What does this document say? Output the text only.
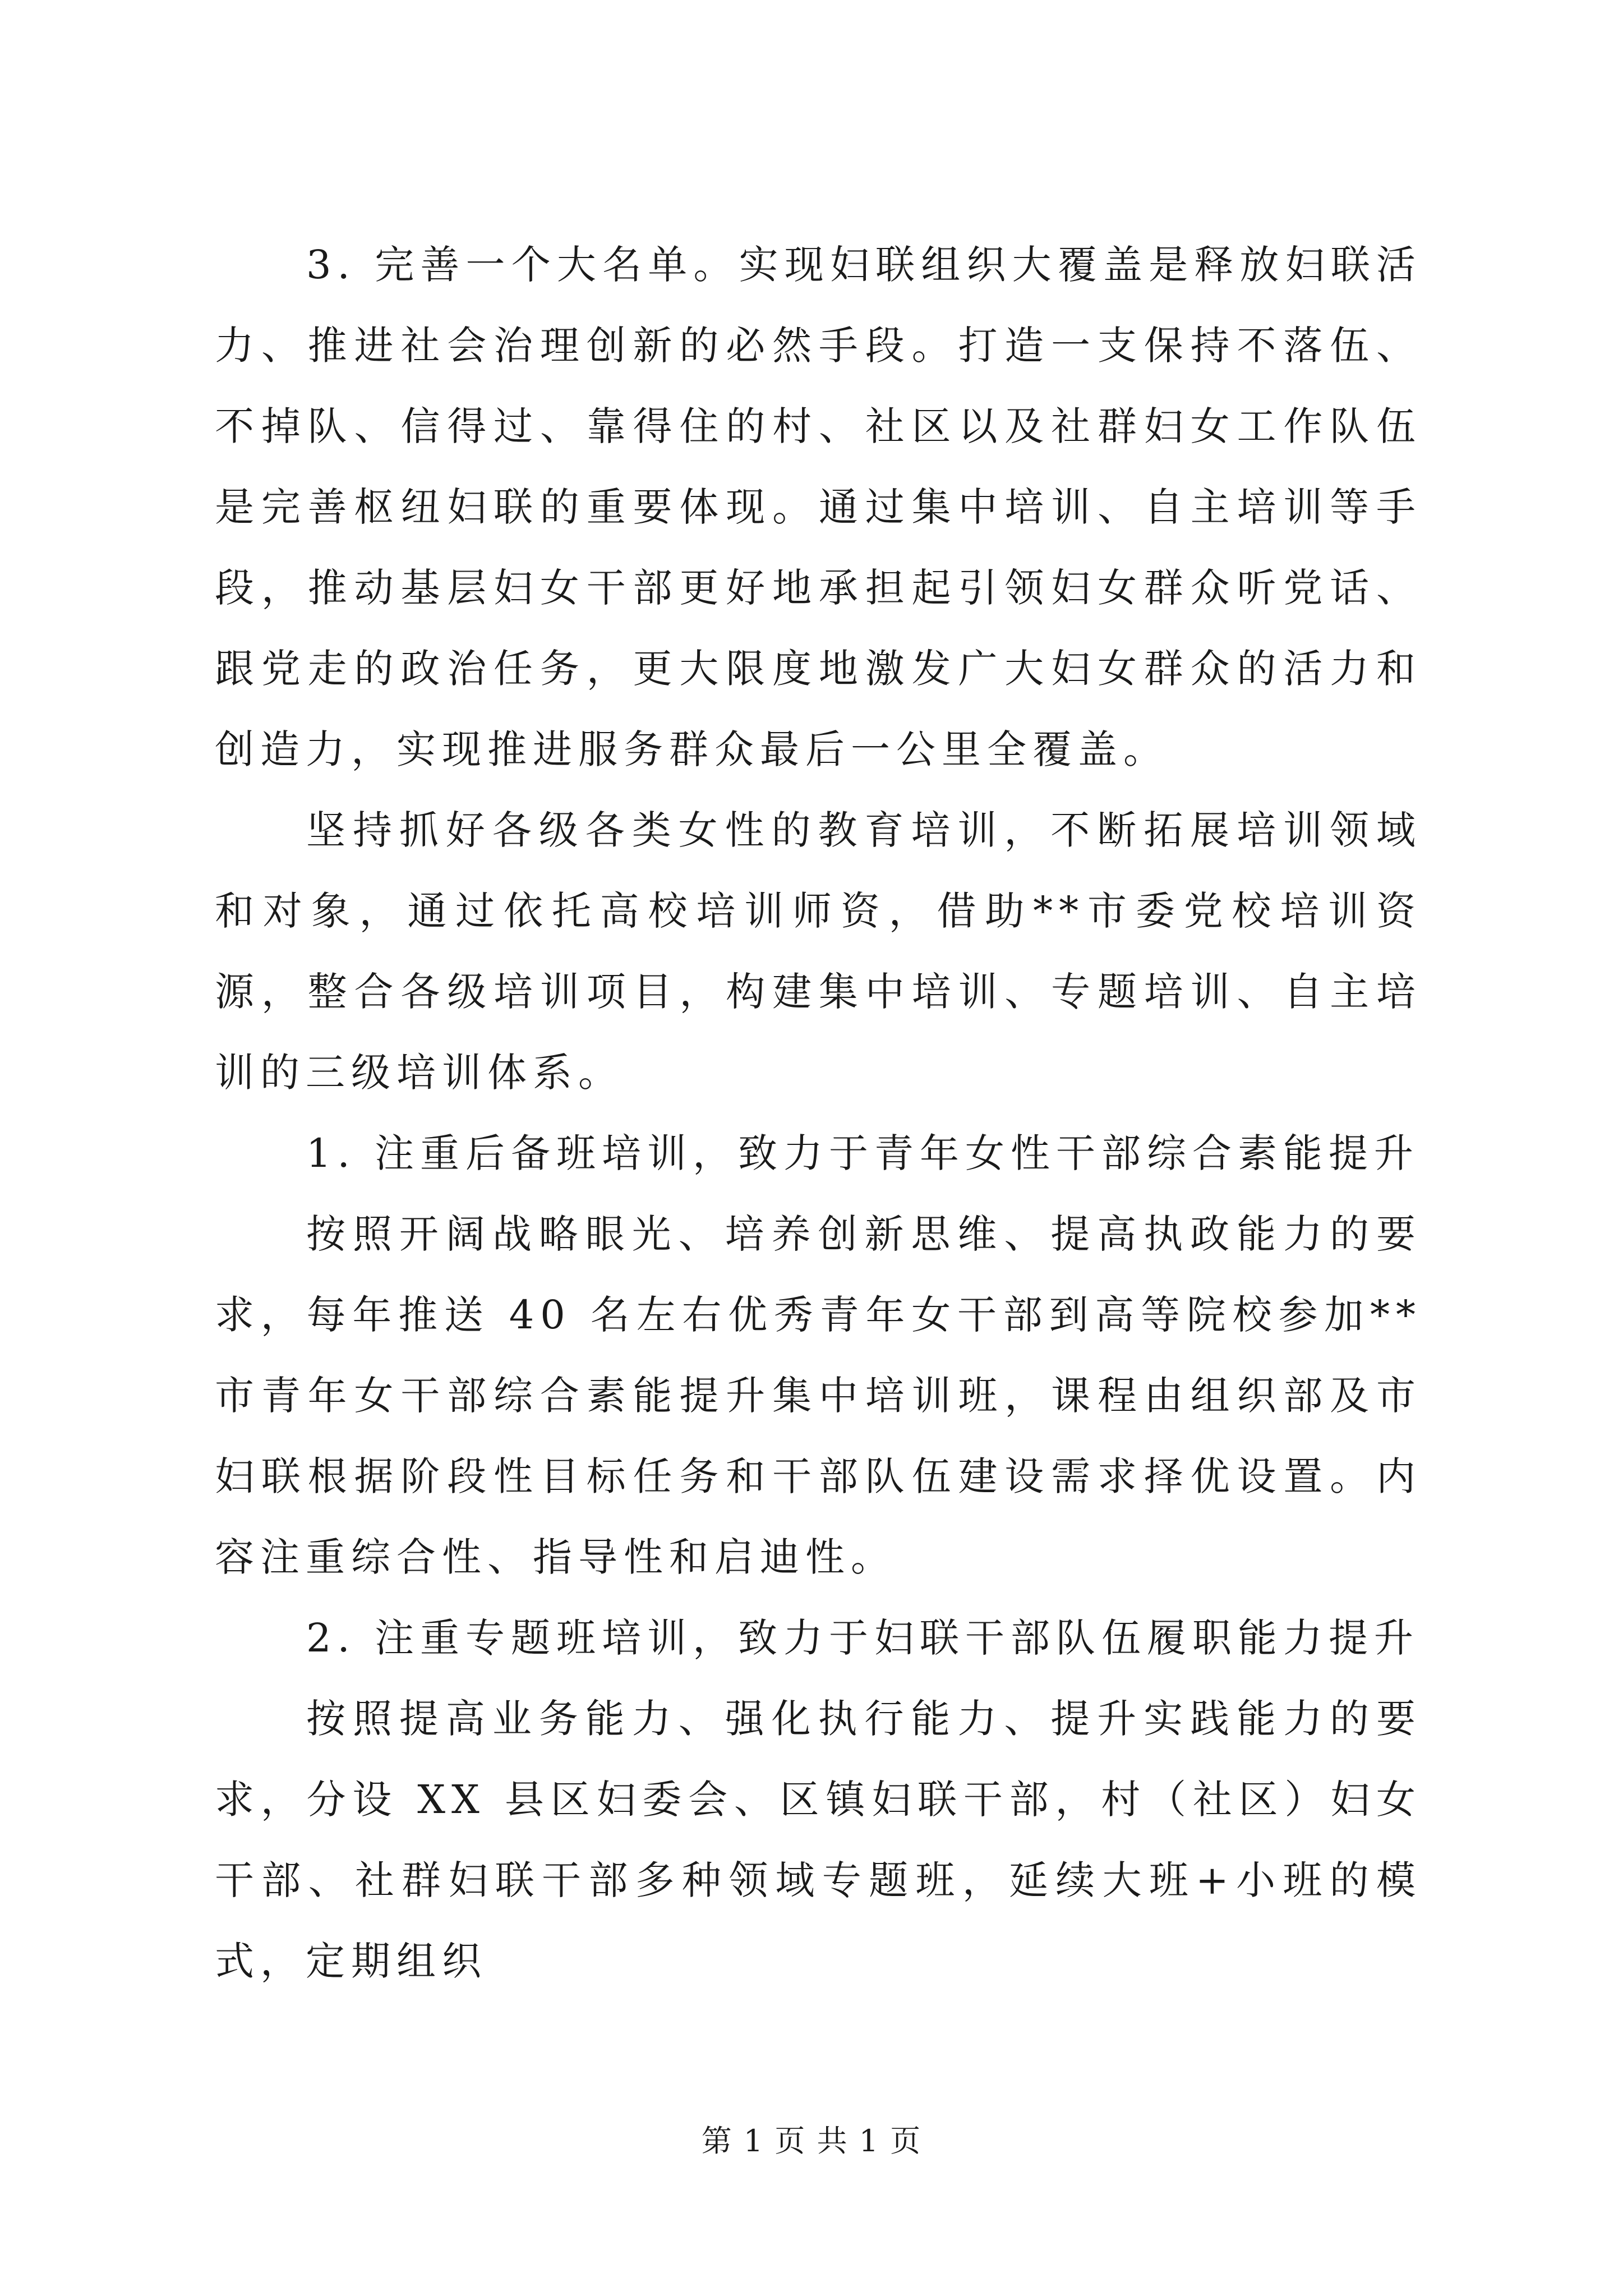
3. 完善一个大名单。实现妇联组织大覆盖是释放妇联活力、推进社会治理创新的必然手段。打造一支保持不落伍、不掉队、信得过、靠得住的村、社区以及社群妇女工作队伍是完善枢纽妇联的重要体现。通过集中培训、自主培训等手段，推动基层妇女干部更好地承担起引领妇女群众听党话、跟党走的政治任务，更大限度地激发广大妇女群众的活力和创造力，实现推进服务群众最后一公里全覆盖。

坚持抓好各级各类女性的教育培训，不断拓展培训领域和对象，通过依托高校培训师资，借助**市委党校培训资源，整合各级培训项目，构建集中培训、专题培训、自主培训的三级培训体系。

1. 注重后备班培训，致力于青年女性干部综合素能提升

按照开阔战略眼光、培养创新思维、提高执政能力的要求，每年推送 40 名左右优秀青年女干部到高等院校参加**市青年女干部综合素能提升集中培训班，课程由组织部及市妇联根据阶段性目标任务和干部队伍建设需求择优设置。内容注重综合性、指导性和启迪性。

2. 注重专题班培训，致力于妇联干部队伍履职能力提升

按照提高业务能力、强化执行能力、提升实践能力的要求，分设 XX 县区妇委会、区镇妇联干部，村（社区）妇女干部、社群妇联干部多种领域专题班，延续大班+小班的模式，定期组织

第 1 页 共 1 页
